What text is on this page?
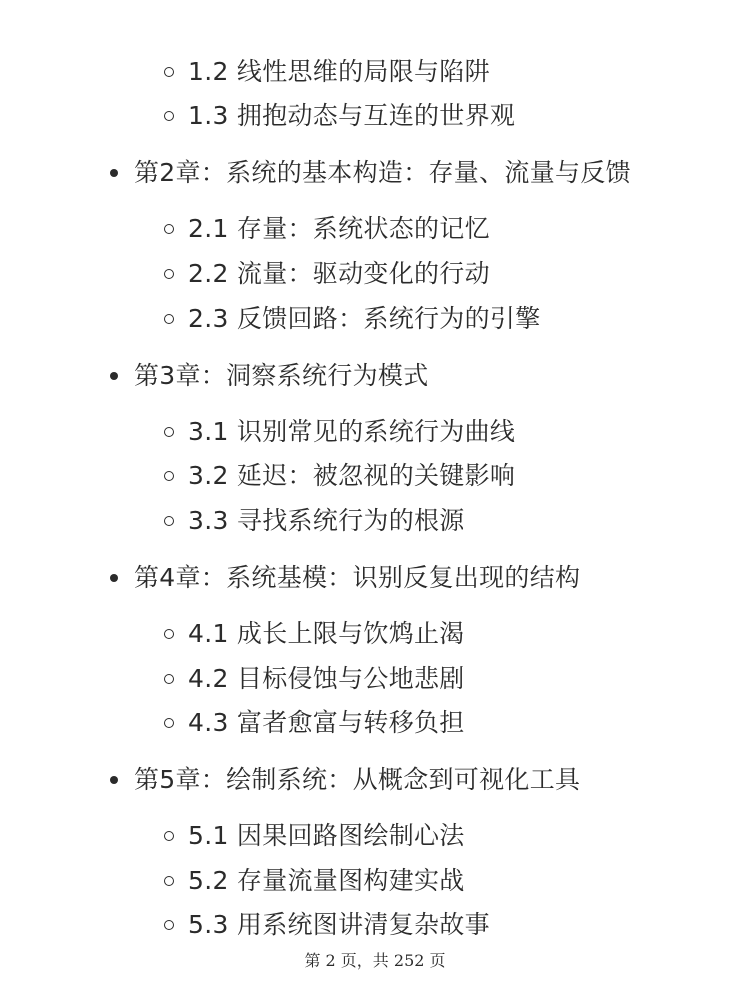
1.2 线性思维的局限与陷阱
1.3 拥抱动态与互连的世界观
第2章：系统的基本构造：存量、流量与反馈
2.1 存量：系统状态的记忆
2.2 流量：驱动变化的行动
2.3 反馈回路：系统行为的引擎
第3章：洞察系统行为模式
3.1 识别常见的系统行为曲线
3.2 延迟：被忽视的关键影响
3.3 寻找系统行为的根源
第4章：系统基模：识别反复出现的结构
4.1 成长上限与饮鸩止渴
4.2 目标侵蚀与公地悲剧
4.3 富者愈富与转移负担
第5章：绘制系统：从概念到可视化工具
5.1 因果回路图绘制心法
5.2 存量流量图构建实战
5.3 用系统图讲清复杂故事
第 2 页，共 252 页
